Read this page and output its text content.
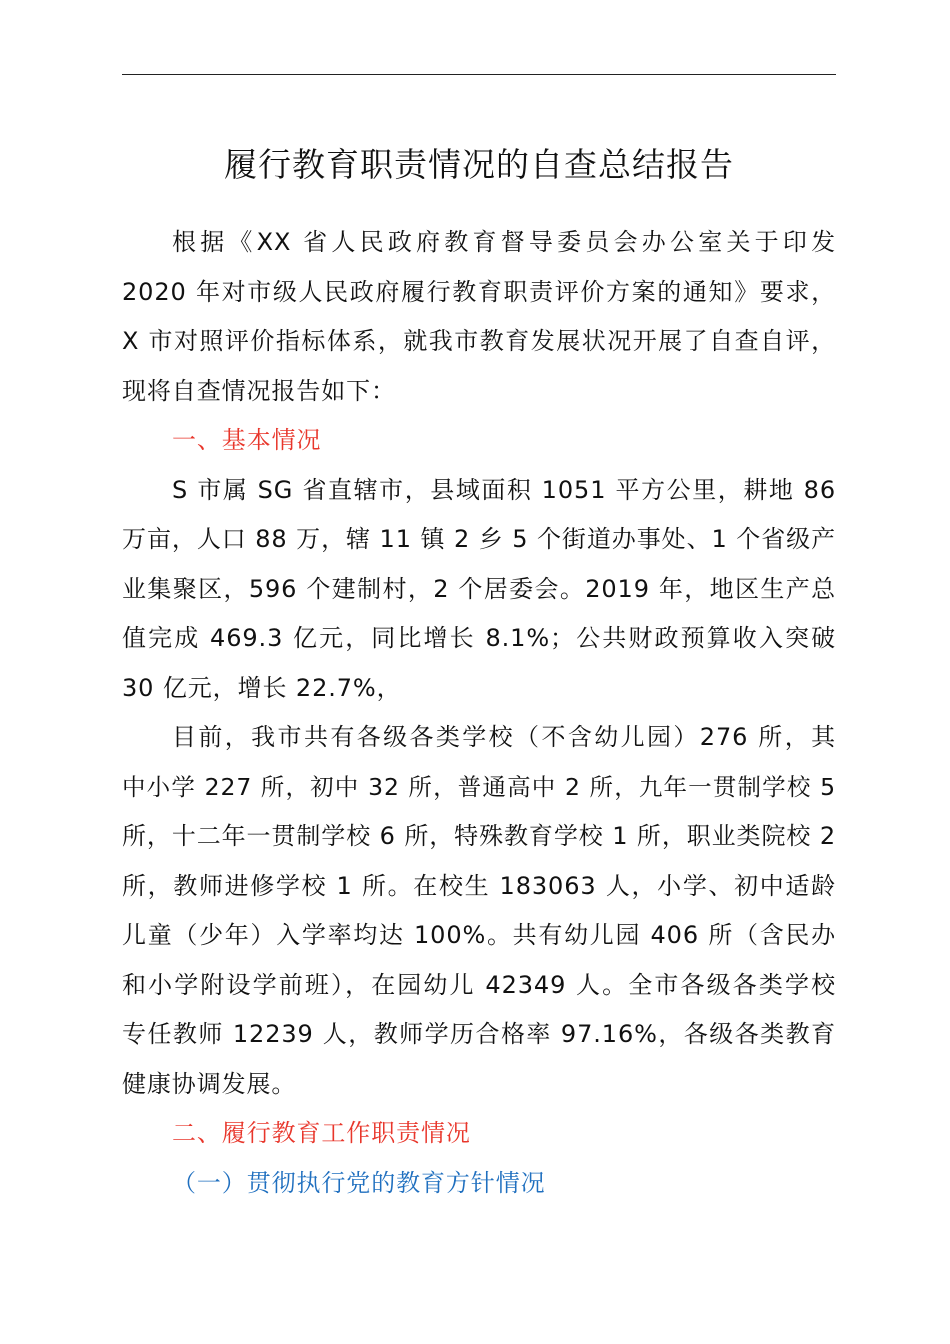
履行教育职责情况的自查总结报告
根据《XX 省人民政府教育督导委员会办公室关于印发
2020 年对市级人民政府履行教育职责评价方案的通知》要求，
X 市对照评价指标体系，就我市教育发展状况开展了自查自评，
现将自查情况报告如下：
一、基本情况
S 市属 SG 省直辖市，县域面积 1051 平方公里，耕地 86
万亩，人口 88 万，辖 11 镇 2 乡 5 个街道办事处、1 个省级产
业集聚区，596 个建制村，2 个居委会。2019 年，地区生产总
值完成 469.3 亿元，同比增长 8.1%；公共财政预算收入突破
30 亿元，增长 22.7%，
目前，我市共有各级各类学校（不含幼儿园）276 所，其
中小学 227 所，初中 32 所，普通高中 2 所，九年一贯制学校 5
所，十二年一贯制学校 6 所，特殊教育学校 1 所，职业类院校 2
所，教师进修学校 1 所。在校生 183063 人，小学、初中适龄
儿童（少年）入学率均达 100%。共有幼儿园 406 所（含民办
和小学附设学前班），在园幼儿 42349 人。全市各级各类学校
专任教师 12239 人，教师学历合格率 97.16%，各级各类教育
健康协调发展。
二、履行教育工作职责情况
（一）贯彻执行党的教育方针情况
